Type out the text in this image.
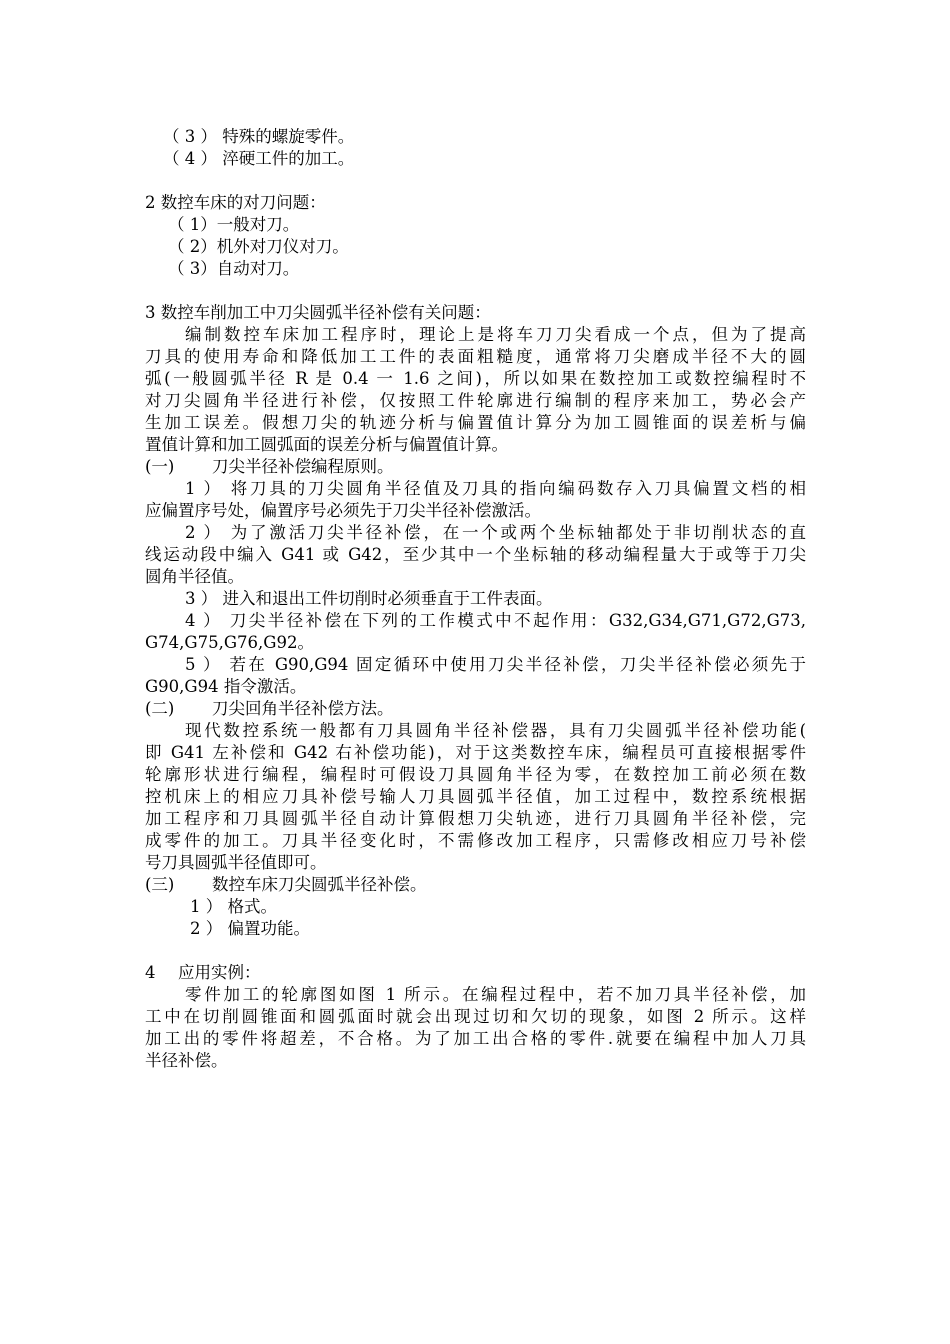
（ 3 ） 特殊的螺旋零件。
（ 4 ） 淬硬工件的加工。
2 数控车床的对刀问题：
（ 1）一般对刀。
（ 2）机外对刀仪对刀。
（ 3）自动对刀。
3 数控车削加工中刀尖圆弧半径补偿有关问题：
编制数控车床加工程序时，理论上是将车刀刀尖看成一个点，但为了提高
刀具的使用寿命和降低加工工件的表面粗糙度，通常将刀尖磨成半径不大的圆
弧(一般圆弧半径 R 是 0.4 一 1.6 之间)，所以如果在数控加工或数控编程时不
对刀尖圆角半径进行补偿，仅按照工件轮廓进行编制的程序来加工，势必会产
生加工误差。假想刀尖的轨迹分析与偏置值计算分为加工圆锥面的误差析与偏
置值计算和加工圆弧面的误差分析与偏置值计算。
(一) 刀尖半径补偿编程原则。
1 ） 将刀具的刀尖圆角半径值及刀具的指向编码数存入刀具偏置文档的相
应偏置序号处，偏置序号必须先于刀尖半径补偿激活。
2 ） 为了激活刀尖半径补偿，在一个或两个坐标轴都处于非切削状态的直
线运动段中编入 G41 或 G42，至少其中一个坐标轴的移动编程量大于或等于刀尖
圆角半径值。
3 ） 进入和退出工件切削时必须垂直于工件表面。
4 ） 刀尖半径补偿在下列的工作模式中不起作用：G32,G34,G71,G72,G73,
G74,G75,G76,G92。
5 ） 若在 G90,G94 固定循环中使用刀尖半径补偿，刀尖半径补偿必须先于
G90,G94 指令激活。
(二) 刀尖回角半径补偿方法。
现代数控系统一般都有刀具圆角半径补偿器，具有刀尖圆弧半径补偿功能(
即 G41 左补偿和 G42 右补偿功能)，对于这类数控车床，编程员可直接根据零件
轮廓形状进行编程，编程时可假设刀具圆角半径为零，在数控加工前必须在数
控机床上的相应刀具补偿号输人刀具圆弧半径值，加工过程中，数控系统根据
加工程序和刀具圆弧半径自动计算假想刀尖轨迹，进行刀具圆角半径补偿，完
成零件的加工。刀具半径变化时，不需修改加工程序，只需修改相应刀号补偿
号刀具圆弧半径值即可。
(三) 数控车床刀尖圆弧半径补偿。
1 ） 格式。
2 ） 偏置功能。
4 应用实例：
零件加工的轮廓图如图 1 所示。在编程过程中，若不加刀具半径补偿，加
工中在切削圆锥面和圆弧面时就会出现过切和欠切的现象，如图 2 所示。这样
加工出的零件将超差，不合格。为了加工出合格的零件.就要在编程中加人刀具
半径补偿。
